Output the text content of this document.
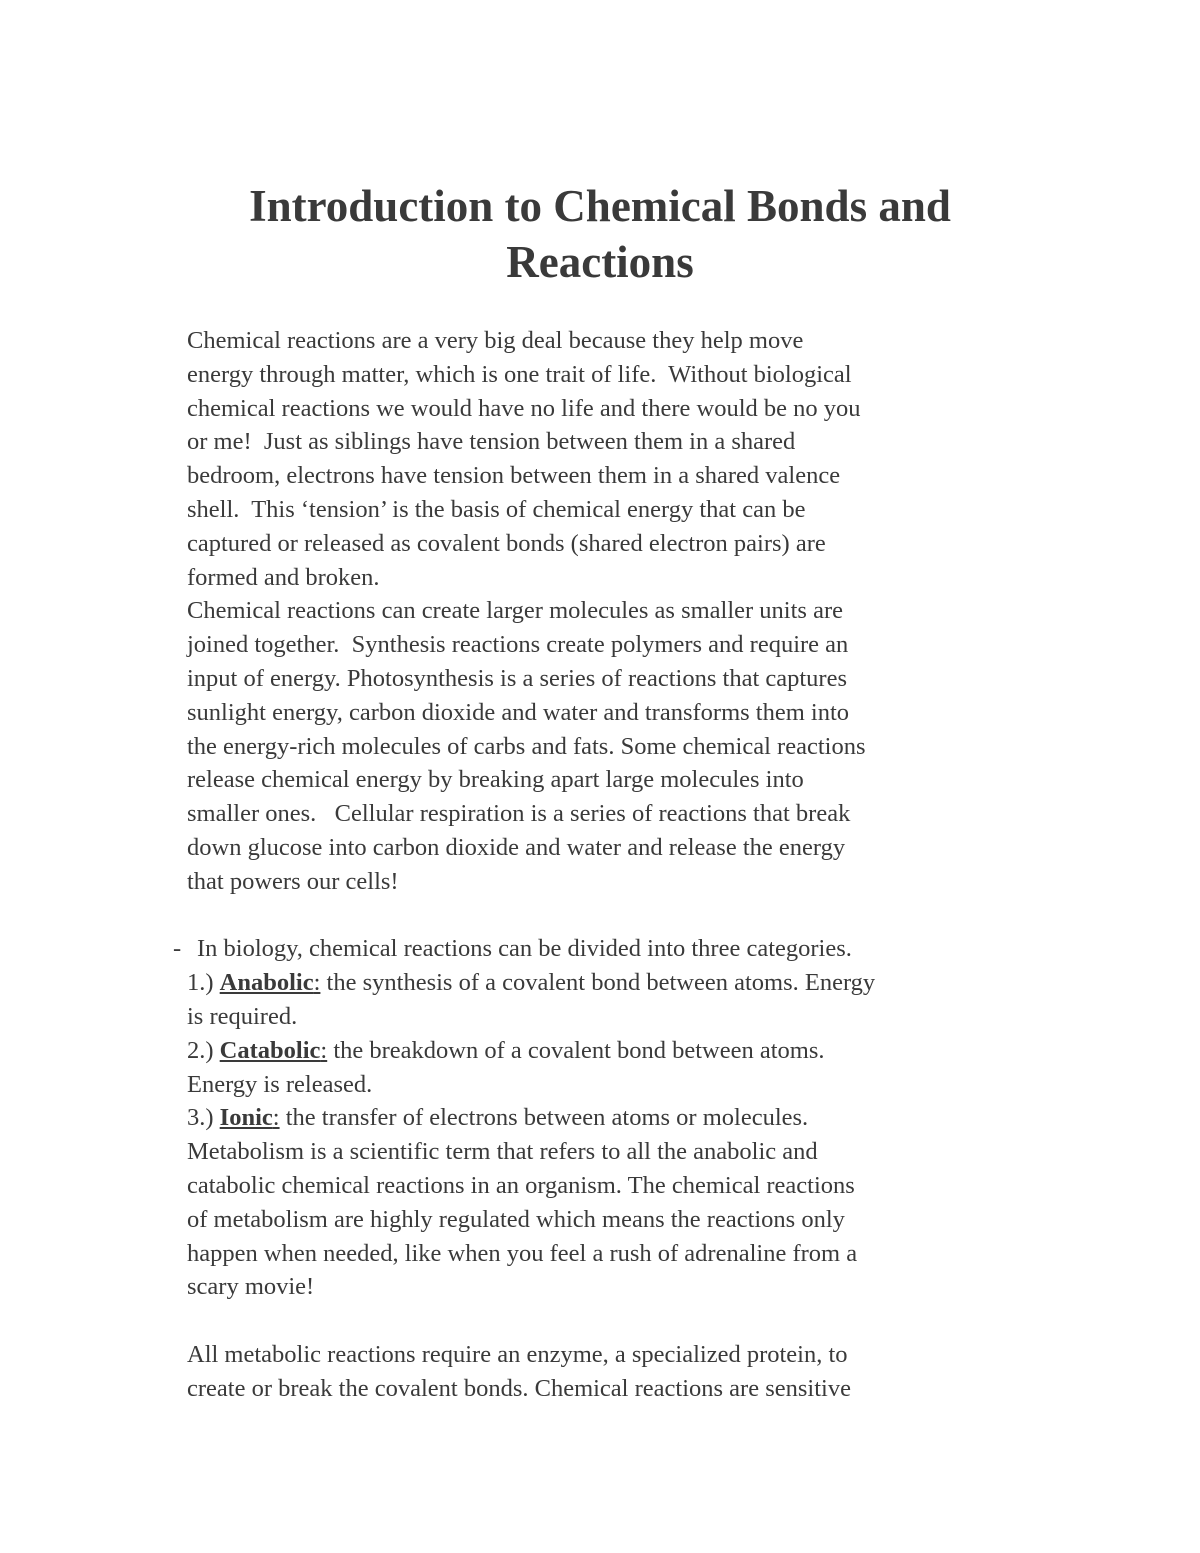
Introduction to Chemical Bonds and
Reactions
Chemical reactions are a very big deal because they help move
energy through matter, which is one trait of life.  Without biological
chemical reactions we would have no life and there would be no you
or me!  Just as siblings have tension between them in a shared
bedroom, electrons have tension between them in a shared valence
shell.  This ‘tension’ is the basis of chemical energy that can be
captured or released as covalent bonds (shared electron pairs) are
formed and broken.
Chemical reactions can create larger molecules as smaller units are
joined together.  Synthesis reactions create polymers and require an
input of energy. Photosynthesis is a series of reactions that captures
sunlight energy, carbon dioxide and water and transforms them into
the energy-rich molecules of carbs and fats. Some chemical reactions
release chemical energy by breaking apart large molecules into
smaller ones.   Cellular respiration is a series of reactions that break
down glucose into carbon dioxide and water and release the energy
that powers our cells!
- In biology, chemical reactions can be divided into three categories.
1.) Anabolic: the synthesis of a covalent bond between atoms. Energy
is required.
2.) Catabolic: the breakdown of a covalent bond between atoms.
Energy is released.
3.) Ionic: the transfer of electrons between atoms or molecules.
Metabolism is a scientific term that refers to all the anabolic and
catabolic chemical reactions in an organism. The chemical reactions
of metabolism are highly regulated which means the reactions only
happen when needed, like when you feel a rush of adrenaline from a
scary movie!
All metabolic reactions require an enzyme, a specialized protein, to
create or break the covalent bonds. Chemical reactions are sensitive
